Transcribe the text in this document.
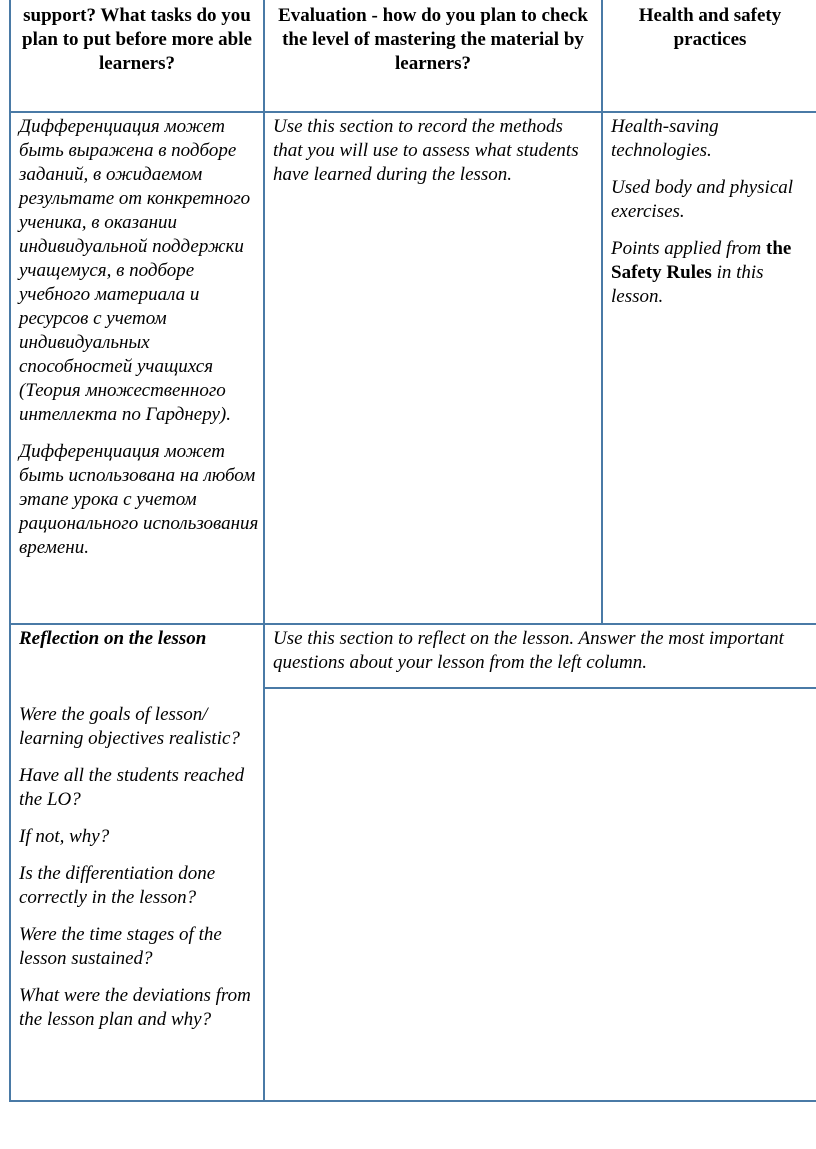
support? What tasks do you plan to put before more able learners?
Evaluation - how do you plan to check the level of mastering the material by learners?
Health and safety practices

Дифференциация может быть выражена в подборе заданий, в ожидаемом результате от конкретного ученика, в оказании индивидуальной поддержки учащемуся, в подборе учебного материала и ресурсов с учетом индивидуальных способностей учащихся (Теория множественного интеллекта по Гарднеру).

Дифференциация может быть использована на любом этапе урока с учетом рационального использования времени.

Use this section to record the methods that you will use to assess what students have learned during the lesson.

Health-saving technologies.

Used body and physical exercises.

Points applied from the Safety Rules in this lesson.

Reflection on the lesson	Use this section to reflect on the lesson. Answer the most important questions about your lesson from the left column.

Were the goals of lesson/ learning objectives realistic?

Have all the students reached the LO?

If not, why?

Is the differentiation done correctly in the lesson?

Were the time stages of the lesson sustained?

What were the deviations from the lesson plan and why?
